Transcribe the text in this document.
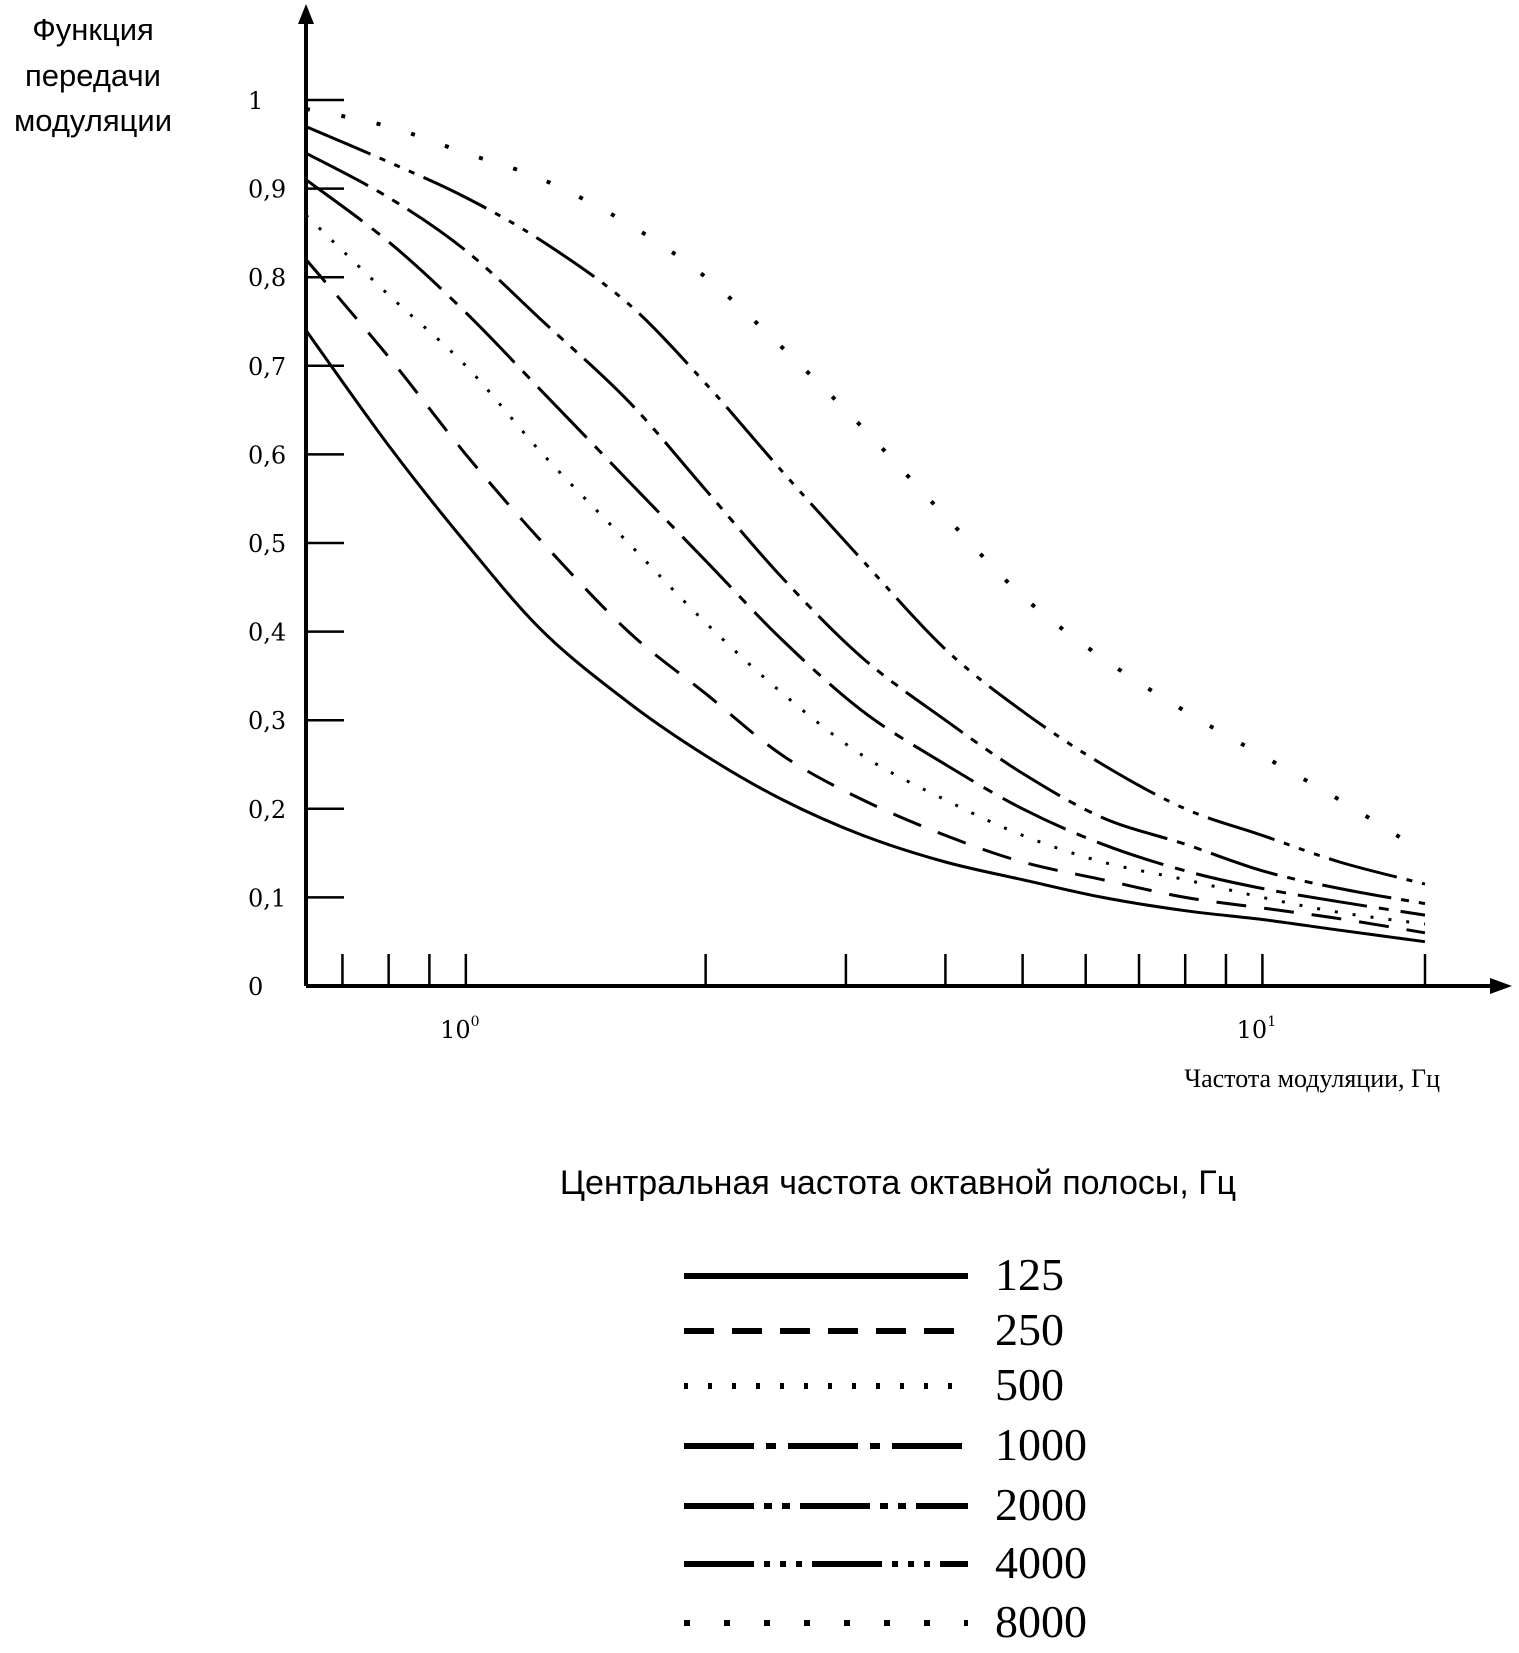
Функция
передачи
модуляции
0
0,1
0,2
0,3
0,4
0,5
0,6
0,7
0,8
0,9
1
$10^0$	$10^1$
Частота модуляции, Гц
Центральная частота октавной полосы, Гц
125
250
500
1000
2000
4000
8000
